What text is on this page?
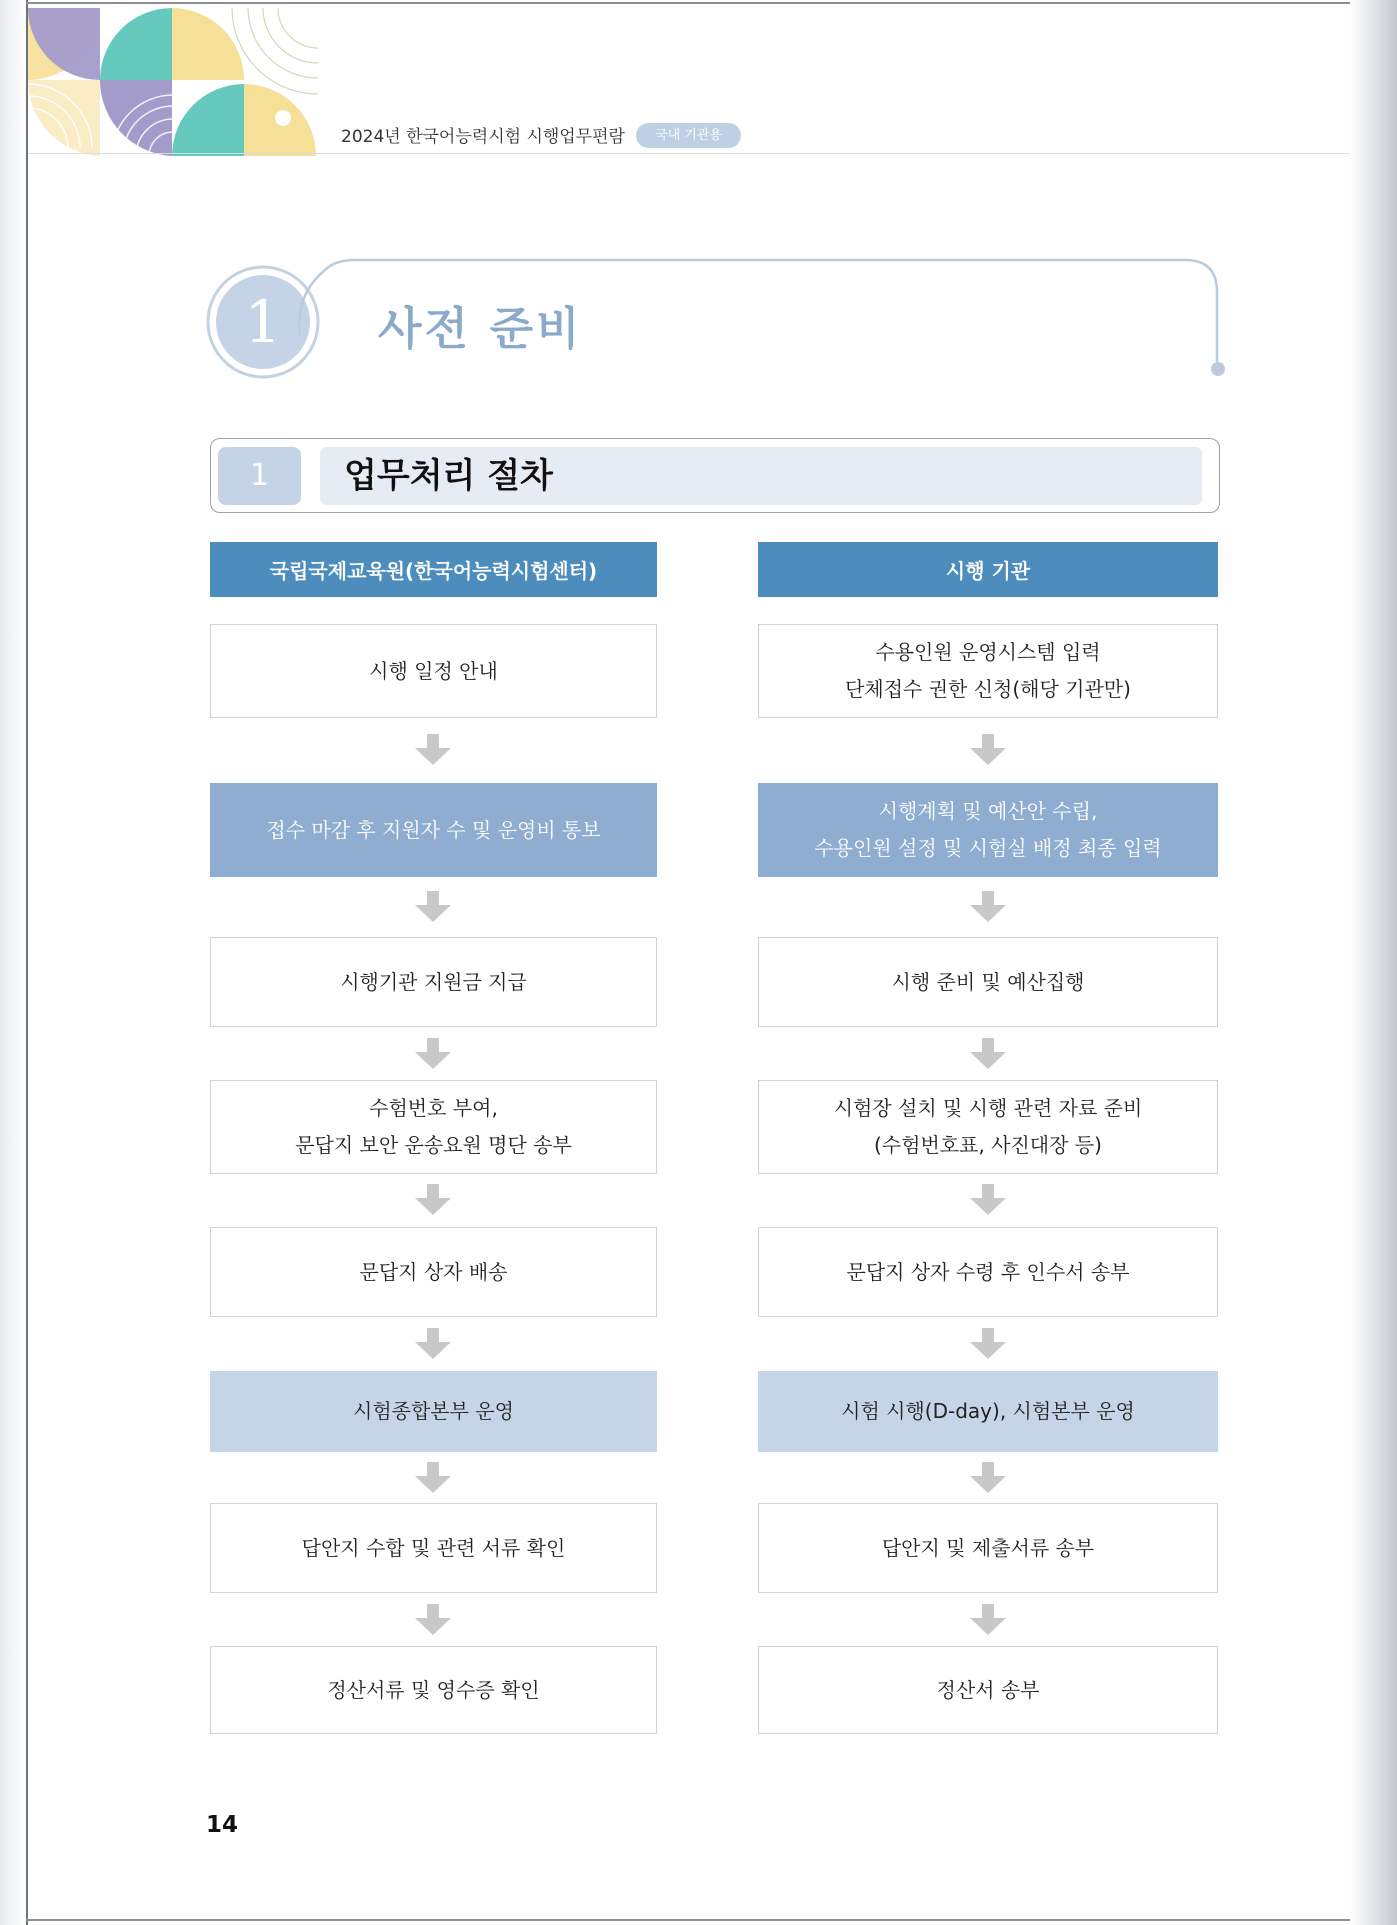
2024년 한국어능력시험 시행업무편람	국내 기관용
1	사전 준비
1	업무처리 절차
국립국제교육원(한국어능력시험센터)	시행 기관
시행 일정 안내
접수 마감 후 지원자 수 및 운영비 통보
시행기관 지원금 지급
수험번호 부여,
문답지 보안 운송요원 명단 송부
문답지 상자 배송
시험종합본부 운영
답안지 수합 및 관련 서류 확인
정산서류 및 영수증 확인
수용인원 운영시스템 입력
단체접수 권한 신청(해당 기관만)
시행계획 및 예산안 수립,
수용인원 설정 및 시험실 배정 최종 입력
시행 준비 및 예산집행
시험장 설치 및 시행 관련 자료 준비
(수험번호표, 사진대장 등)
문답지 상자 수령 후 인수서 송부
시험 시행(D-day), 시험본부 운영
답안지 및 제출서류 송부
정산서 송부
14
